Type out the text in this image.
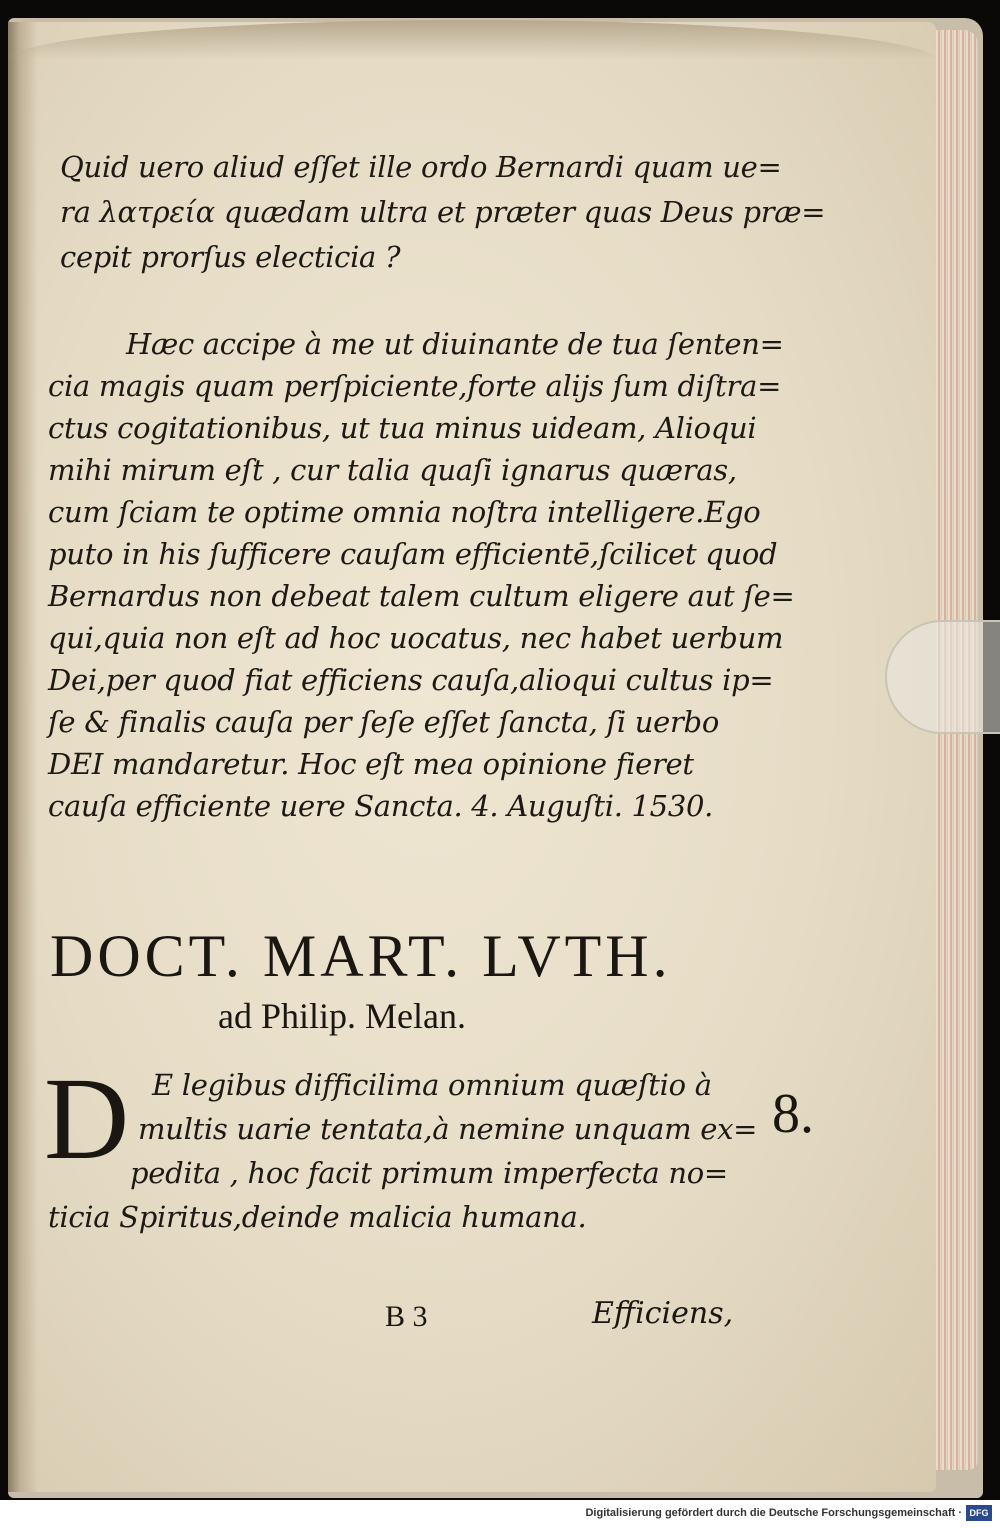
Quid uero aliud eſſet ille ordo Bernardi quam ue=
ra λατρεία quædam ultra et præter quas Deus præ=
cepit prorſus electicia ?
Hæc accipe à me ut diuinante de tua ſenten=
cia magis quam perſpiciente,forte alijs ſum diſtra=
ctus cogitationibus, ut tua minus uideam, Alioqui
mihi mirum eſt , cur talia quaſi ignarus quæras,
cum ſciam te optime omnia noſtra intelligere.Ego
puto in his ſufficere cauſam efficientē,ſcilicet quod
Bernardus non debeat talem cultum eligere aut ſe=
qui,quia non eſt ad hoc uocatus, nec habet uerbum
Dei,per quod fiat efficiens cauſa,alioqui cultus ip=
ſe & finalis cauſa per ſeſe eſſet ſancta, ſi uerbo
DEI mandaretur. Hoc eſt mea opinione fieret
cauſa efficiente uere Sancta. 4. Auguſti. 1530.
DOCT. MART. LVTH.
ad Philip. Melan.
D E legibus difficilima omnium quæſtio à
multis uarie tentata,à nemine unquam ex=
pedita , hoc facit primum imperfecta no=
ticia Spiritus,deinde malicia humana.
B 3	Efficiens,
8.
Digitalisierung gefördert durch die Deutsche Forschungsgemeinschaft · DFG
